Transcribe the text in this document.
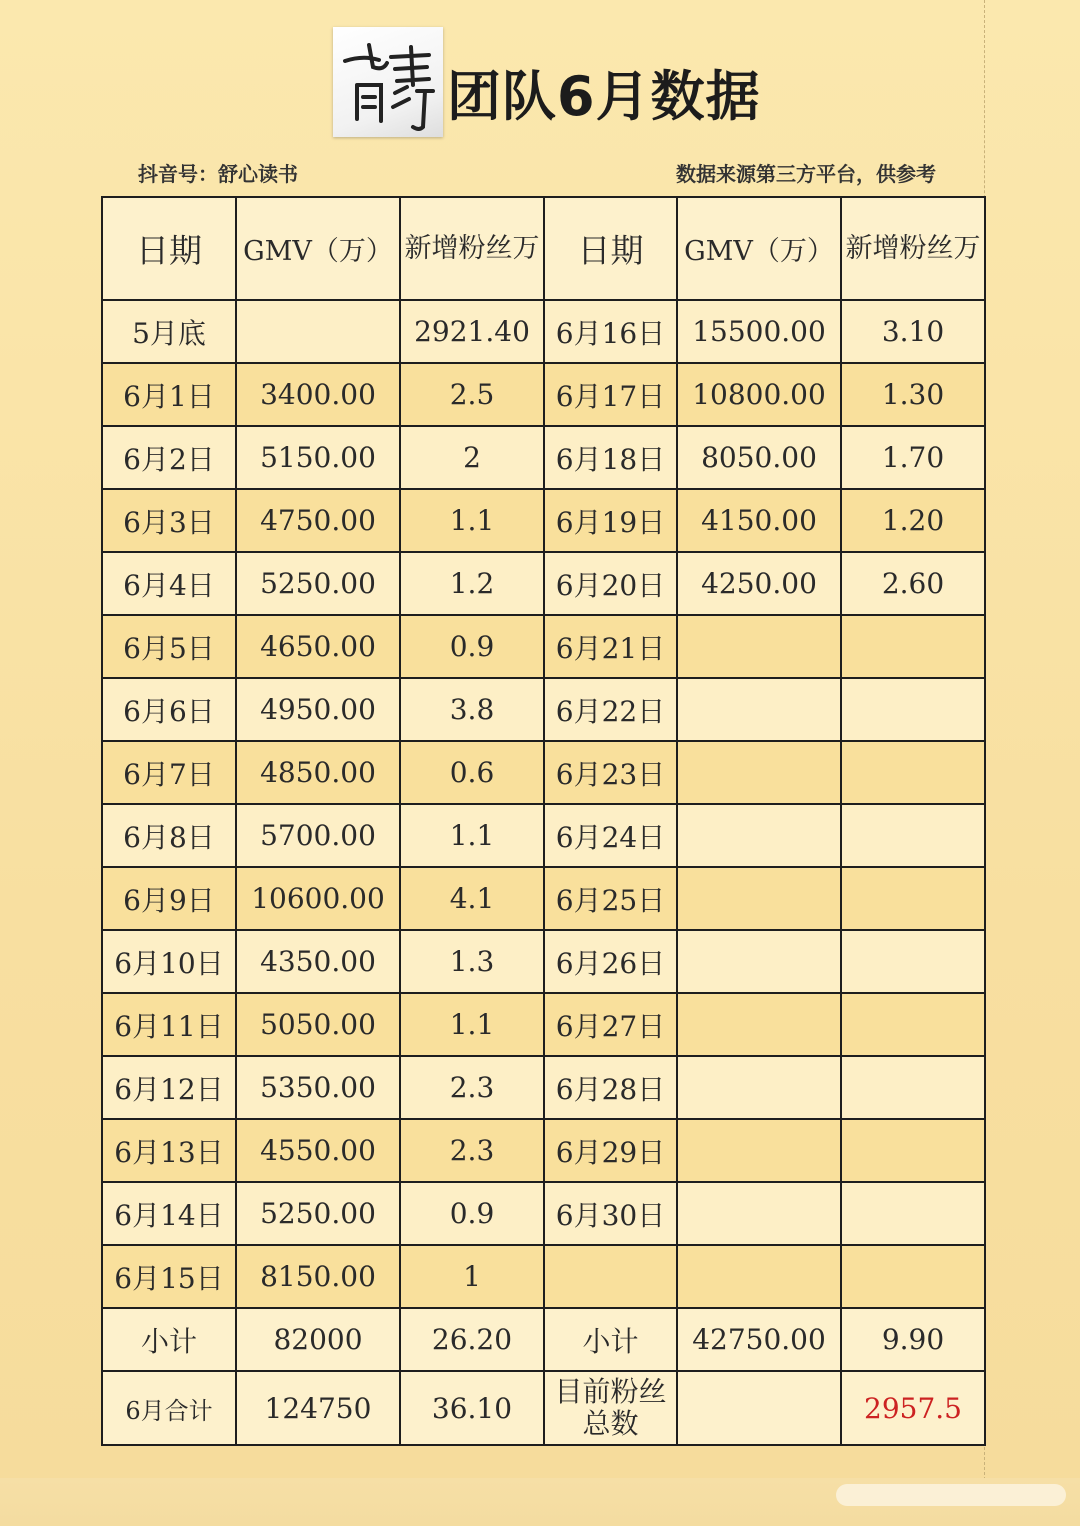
团队6月数据
抖音号：舒心读书	数据来源第三方平台，供参考
日期	GMV（万）	新增粉丝万	日期	GMV（万）	新增粉丝万
5月底		2921.40	6月16日	15500.00	3.10
6月1日	3400.00	2.5	6月17日	10800.00	1.30
6月2日	5150.00	2	6月18日	8050.00	1.70
6月3日	4750.00	1.1	6月19日	4150.00	1.20
6月4日	5250.00	1.2	6月20日	4250.00	2.60
6月5日	4650.00	0.9	6月21日		
6月6日	4950.00	3.8	6月22日		
6月7日	4850.00	0.6	6月23日		
6月8日	5700.00	1.1	6月24日		
6月9日	10600.00	4.1	6月25日		
6月10日	4350.00	1.3	6月26日		
6月11日	5050.00	1.1	6月27日		
6月12日	5350.00	2.3	6月28日		
6月13日	4550.00	2.3	6月29日		
6月14日	5250.00	0.9	6月30日		
6月15日	8150.00	1			
小计	82000	26.20	小计	42750.00	9.90
6月合计	124750	36.10	目前粉丝总数		2957.5
